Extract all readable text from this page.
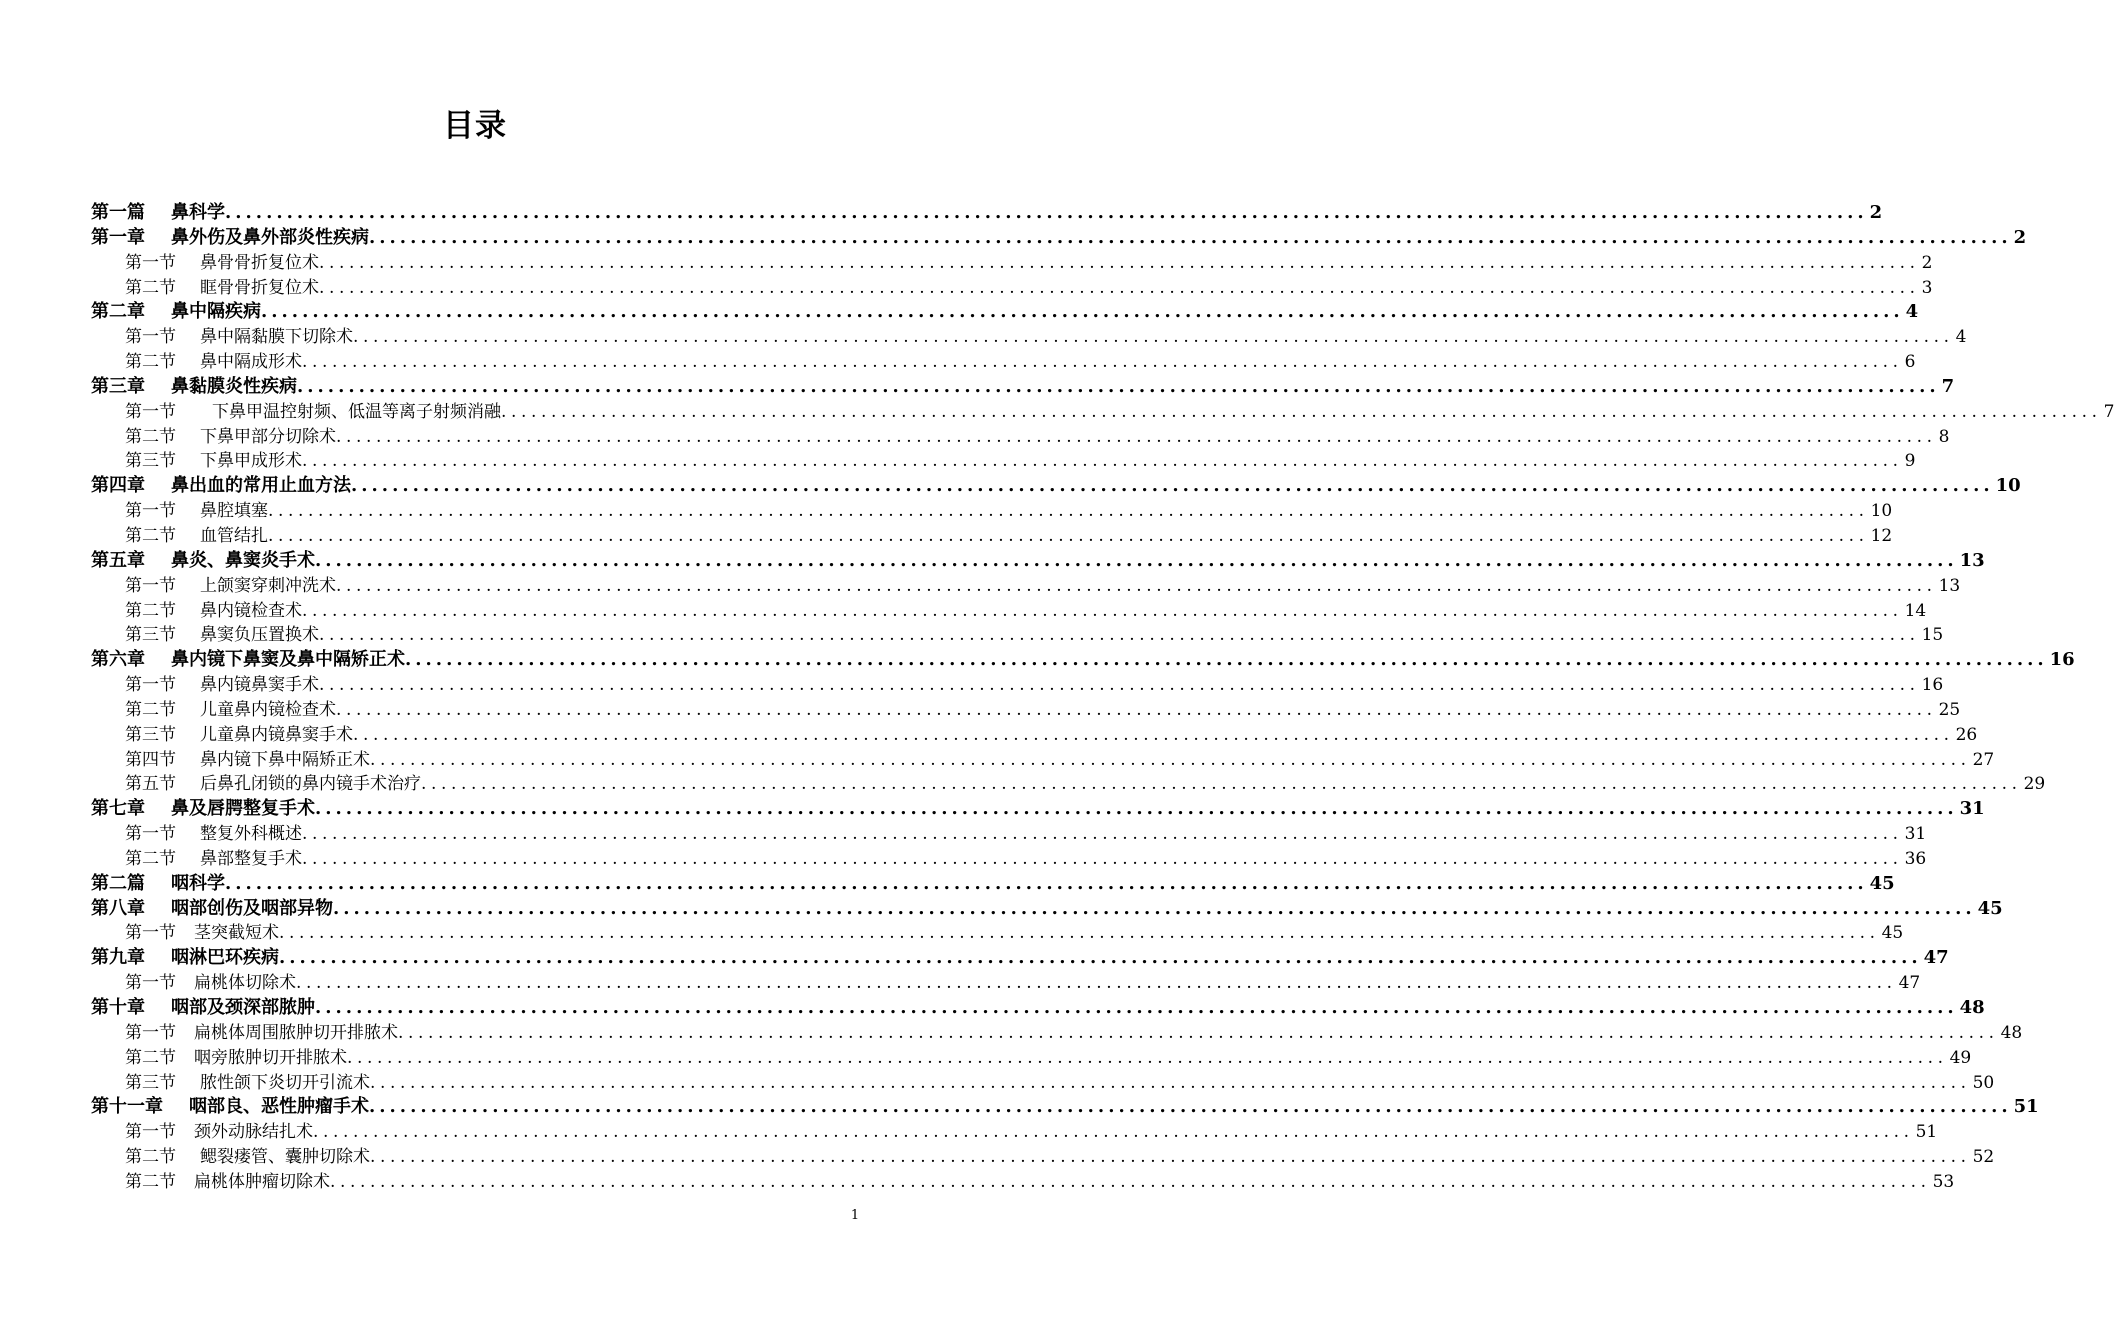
目录
第一篇 鼻科学 ................................................................................................................................................................ 2
第一章 鼻外伤及鼻外部炎性疾病 ................................................................................................................................................................ 2
第一节 鼻骨骨折复位术 ................................................................................................................................................................ 2
第二节 眶骨骨折复位术 ................................................................................................................................................................ 3
第二章 鼻中隔疾病 ................................................................................................................................................................ 4
第一节 鼻中隔黏膜下切除术 ................................................................................................................................................................ 4
第二节 鼻中隔成形术 ................................................................................................................................................................ 6
第三章 鼻黏膜炎性疾病 ................................................................................................................................................................ 7
第一节 下鼻甲温控射频、低温等离子射频消融 ................................................................................................................................................................ 7
第二节 下鼻甲部分切除术 ................................................................................................................................................................ 8
第三节 下鼻甲成形术 ................................................................................................................................................................ 9
第四章 鼻出血的常用止血方法 ................................................................................................................................................................ 10
第一节 鼻腔填塞 ................................................................................................................................................................ 10
第二节 血管结扎 ................................................................................................................................................................ 12
第五章 鼻炎、鼻窦炎手术 ................................................................................................................................................................ 13
第一节 上颌窦穿刺冲洗术 ................................................................................................................................................................ 13
第二节 鼻内镜检查术 ................................................................................................................................................................ 14
第三节 鼻窦负压置换术 ................................................................................................................................................................ 15
第六章 鼻内镜下鼻窦及鼻中隔矫正术 ................................................................................................................................................................ 16
第一节 鼻内镜鼻窦手术 ................................................................................................................................................................ 16
第二节 儿童鼻内镜检查术 ................................................................................................................................................................ 25
第三节 儿童鼻内镜鼻窦手术 ................................................................................................................................................................ 26
第四节 鼻内镜下鼻中隔矫正术 ................................................................................................................................................................ 27
第五节 后鼻孔闭锁的鼻内镜手术治疗 ................................................................................................................................................................ 29
第七章 鼻及唇腭整复手术 ................................................................................................................................................................ 31
第一节 整复外科概述 ................................................................................................................................................................ 31
第二节 鼻部整复手术 ................................................................................................................................................................ 36
第二篇 咽科学 ................................................................................................................................................................ 45
第八章 咽部创伤及咽部异物 ................................................................................................................................................................ 45
第一节 茎突截短术 ................................................................................................................................................................ 45
第九章 咽淋巴环疾病 ................................................................................................................................................................ 47
第一节 扁桃体切除术 ................................................................................................................................................................ 47
第十章 咽部及颈深部脓肿 ................................................................................................................................................................ 48
第一节 扁桃体周围脓肿切开排脓术 ................................................................................................................................................................ 48
第二节 咽旁脓肿切开排脓术 ................................................................................................................................................................ 49
第三节 脓性颌下炎切开引流术 ................................................................................................................................................................ 50
第十一章 咽部良、恶性肿瘤手术 ................................................................................................................................................................ 51
第一节 颈外动脉结扎术 ................................................................................................................................................................ 51
第二节 鳃裂瘘管、囊肿切除术 ................................................................................................................................................................ 52
第二节 扁桃体肿瘤切除术 ................................................................................................................................................................ 53
1
